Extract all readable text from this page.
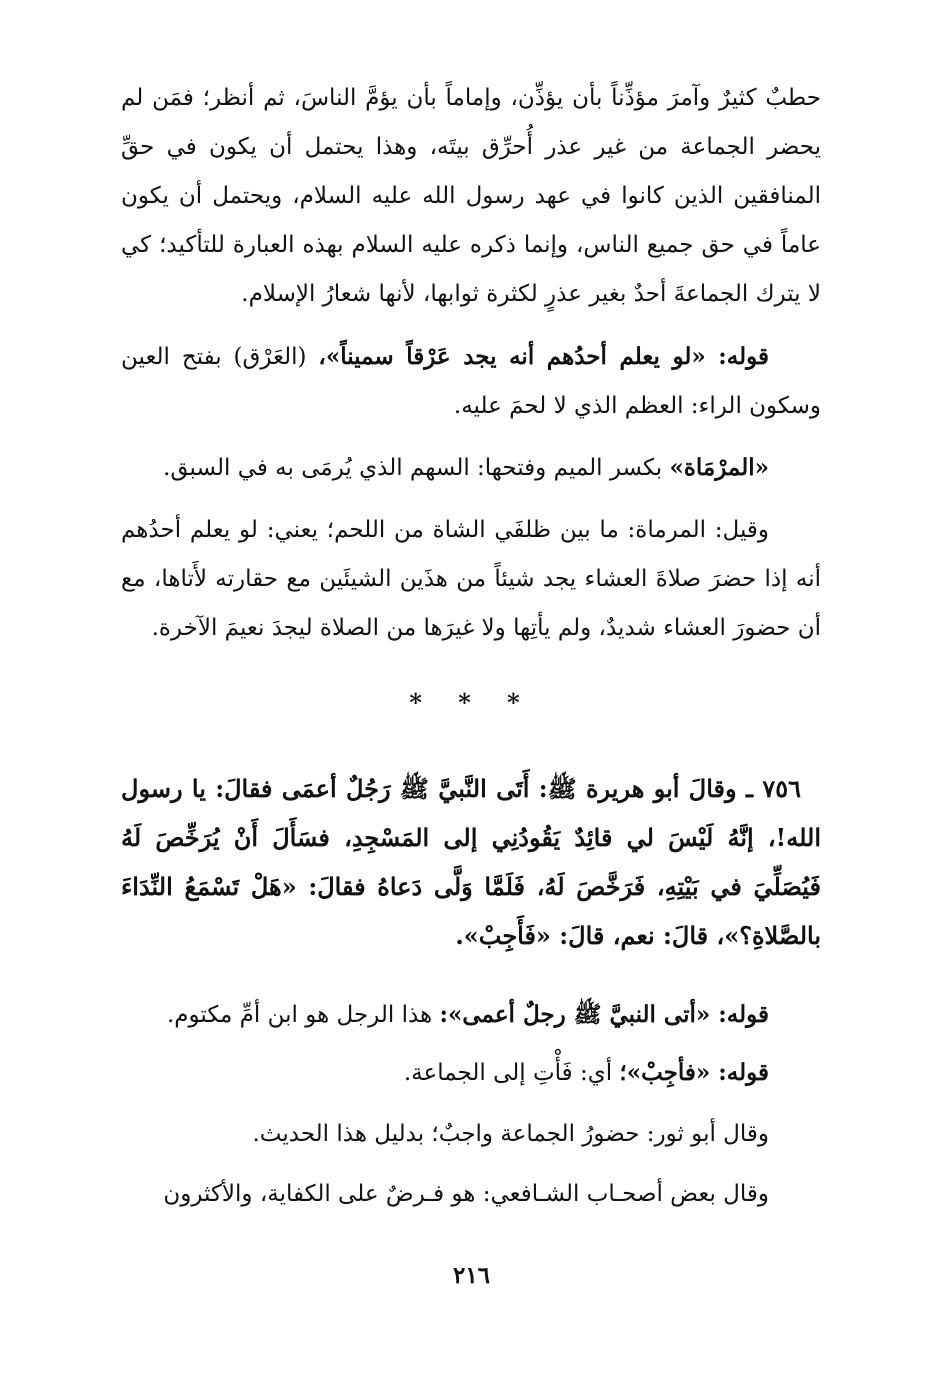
حطبٌ كثيرٌ وآمرَ مؤذِّناً بأن يؤذِّن، وإماماً بأن يؤمَّ الناسَ، ثم أنظر؛ فمَن لم يحضر الجماعة من غير عذر أُحرِّق بيتَه، وهذا يحتمل أن يكون في حقِّ المنافقين الذين كانوا في عهد رسول الله عليه السلام، ويحتمل أن يكون عاماً في حق جميع الناس، وإنما ذكره عليه السلام بهذه العبارة للتأكيد؛ كي لا يترك الجماعةَ أحدٌ بغير عذرٍ لكثرة ثوابها، لأنها شعارُ الإسلام.

قوله: «لو يعلم أحدُهم أنه يجد عَرْقاً سميناً»، (العَرْق) بفتح العين وسكون الراء: العظم الذي لا لحمَ عليه.

«المرْمَاة» بكسر الميم وفتحها: السهم الذي يُرمَى به في السبق.

وقيل: المرماة: ما بين ظلفَي الشاة من اللحم؛ يعني: لو يعلم أحدُهم أنه إذا حضرَ صلاةَ العشاء يجد شيئاً من هذَين الشيئَين مع حقارته لأَتاها، مع أن حضورَ العشاء شديدٌ، ولم يأتِها ولا غيرَها من الصلاة ليجدَ نعيمَ الآخرة.

* * *

٧٥٦ ـ وقالَ أبو هريرة ﷺ: أَتَى النَّبيَّ ﷺ رَجُلٌ أعمَى فقالَ: يا رسول الله!، إنَّهُ لَيْسَ لي قائِدٌ يَقُودُنِي إلى المَسْجِدِ، فسَأَلَ أَنْ يُرَخِّصَ لَهُ فَيُصَلِّيَ في بَيْتِهِ، فَرَخَّصَ لَهُ، فَلَمَّا وَلَّى دَعاهُ فقالَ: «هَلْ تَسْمَعُ النِّدَاءَ بالصَّلاةِ؟»، قالَ: نعم، قالَ: «فَأَجِبْ».

قوله: «أتى النبيَّ ﷺ رجلٌ أعمى»: هذا الرجل هو ابن أمِّ مكتوم.

قوله: «فأجِبْ»؛ أي: فَأْتِ إلى الجماعة.

وقال أبو ثور: حضورُ الجماعة واجبٌ؛ بدليل هذا الحديث.

وقال بعض أصحـاب الشـافعي: هو فـرضٌ على الكفاية، والأكثرون

٢١٦
